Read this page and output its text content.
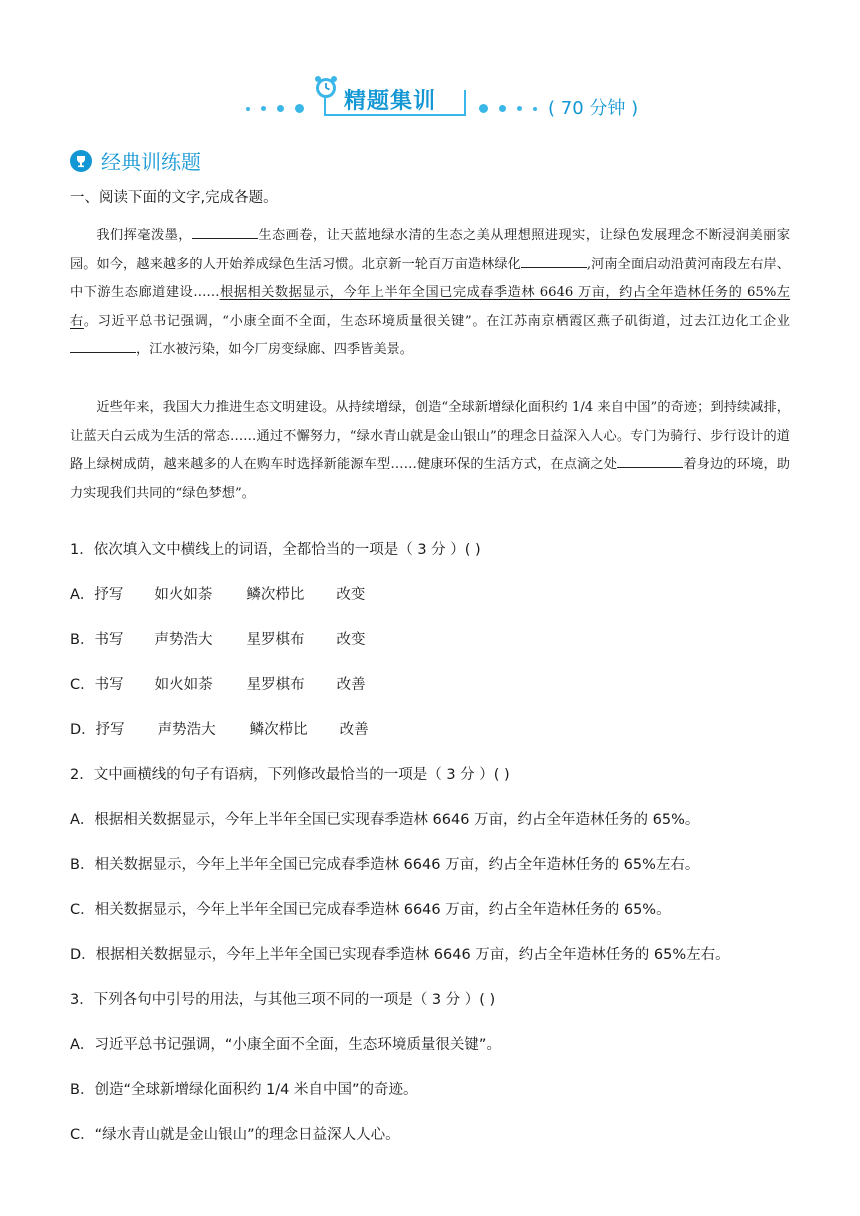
精题集训	( 70 分钟 )
经典训练题
一、阅读下面的文字,完成各题。
我们挥毫泼墨，	生态画卷，让天蓝地绿水清的生态之美从理想照进现实，让绿色发展理念不断浸润美丽家园。如今，越来越多的人开始养成绿色生活习惯。北京新一轮百万亩造林绿化	,河南全面启动沿黄河南段左右岸、中下游生态廊道建设……根据相关数据显示，今年上半年全国已完成春季造林 6646 万亩，约占全年造林任务的 65%左右。习近平总书记强调，“小康全面不全面，生态环境质量很关键”。在江苏南京栖霞区燕子矶街道，过去江边化工企业，江水被污染，如今厂房变绿廊、四季皆美景。
近些年来，我国大力推进生态文明建设。从持续增绿，创造“全球新增绿化面积约 1/4 来自中国”的奇迹；到持续减排，让蓝天白云成为生活的常态……通过不懈努力，“绿水青山就是金山银山”的理念日益深入人心。专门为骑行、步行设计的道路上绿树成荫，越来越多的人在购车时选择新能源车型……健康环保的生活方式，在点滴之处	着身边的环境，助力实现我们共同的“绿色梦想”。
1．依次填入文中横线上的词语，全都恰当的一项是（ 3 分 ）( )
A．抒写 如火如荼 鳞次栉比 改变
B．书写 声势浩大 星罗棋布 改变
C．书写 如火如荼 星罗棋布 改善
D．抒写 声势浩大 鳞次栉比 改善
2．文中画横线的句子有语病，下列修改最恰当的一项是（ 3 分 ）( )
A．根据相关数据显示，今年上半年全国已实现春季造林 6646 万亩，约占全年造林任务的 65%。
B．相关数据显示，今年上半年全国已完成春季造林 6646 万亩，约占全年造林任务的 65%左右。
C．相关数据显示，今年上半年全国已完成春季造林 6646 万亩，约占全年造林任务的 65%。
D．根据相关数据显示，今年上半年全国已实现春季造林 6646 万亩，约占全年造林任务的 65%左右。
3．下列各句中引号的用法，与其他三项不同的一项是（ 3 分 ）( )
A．习近平总书记强调，“小康全面不全面，生态环境质量很关键”。
B．创造“全球新增绿化面积约 1/4 米自中国”的奇迹。
C．“绿水青山就是金山银山”的理念日益深人人心。
